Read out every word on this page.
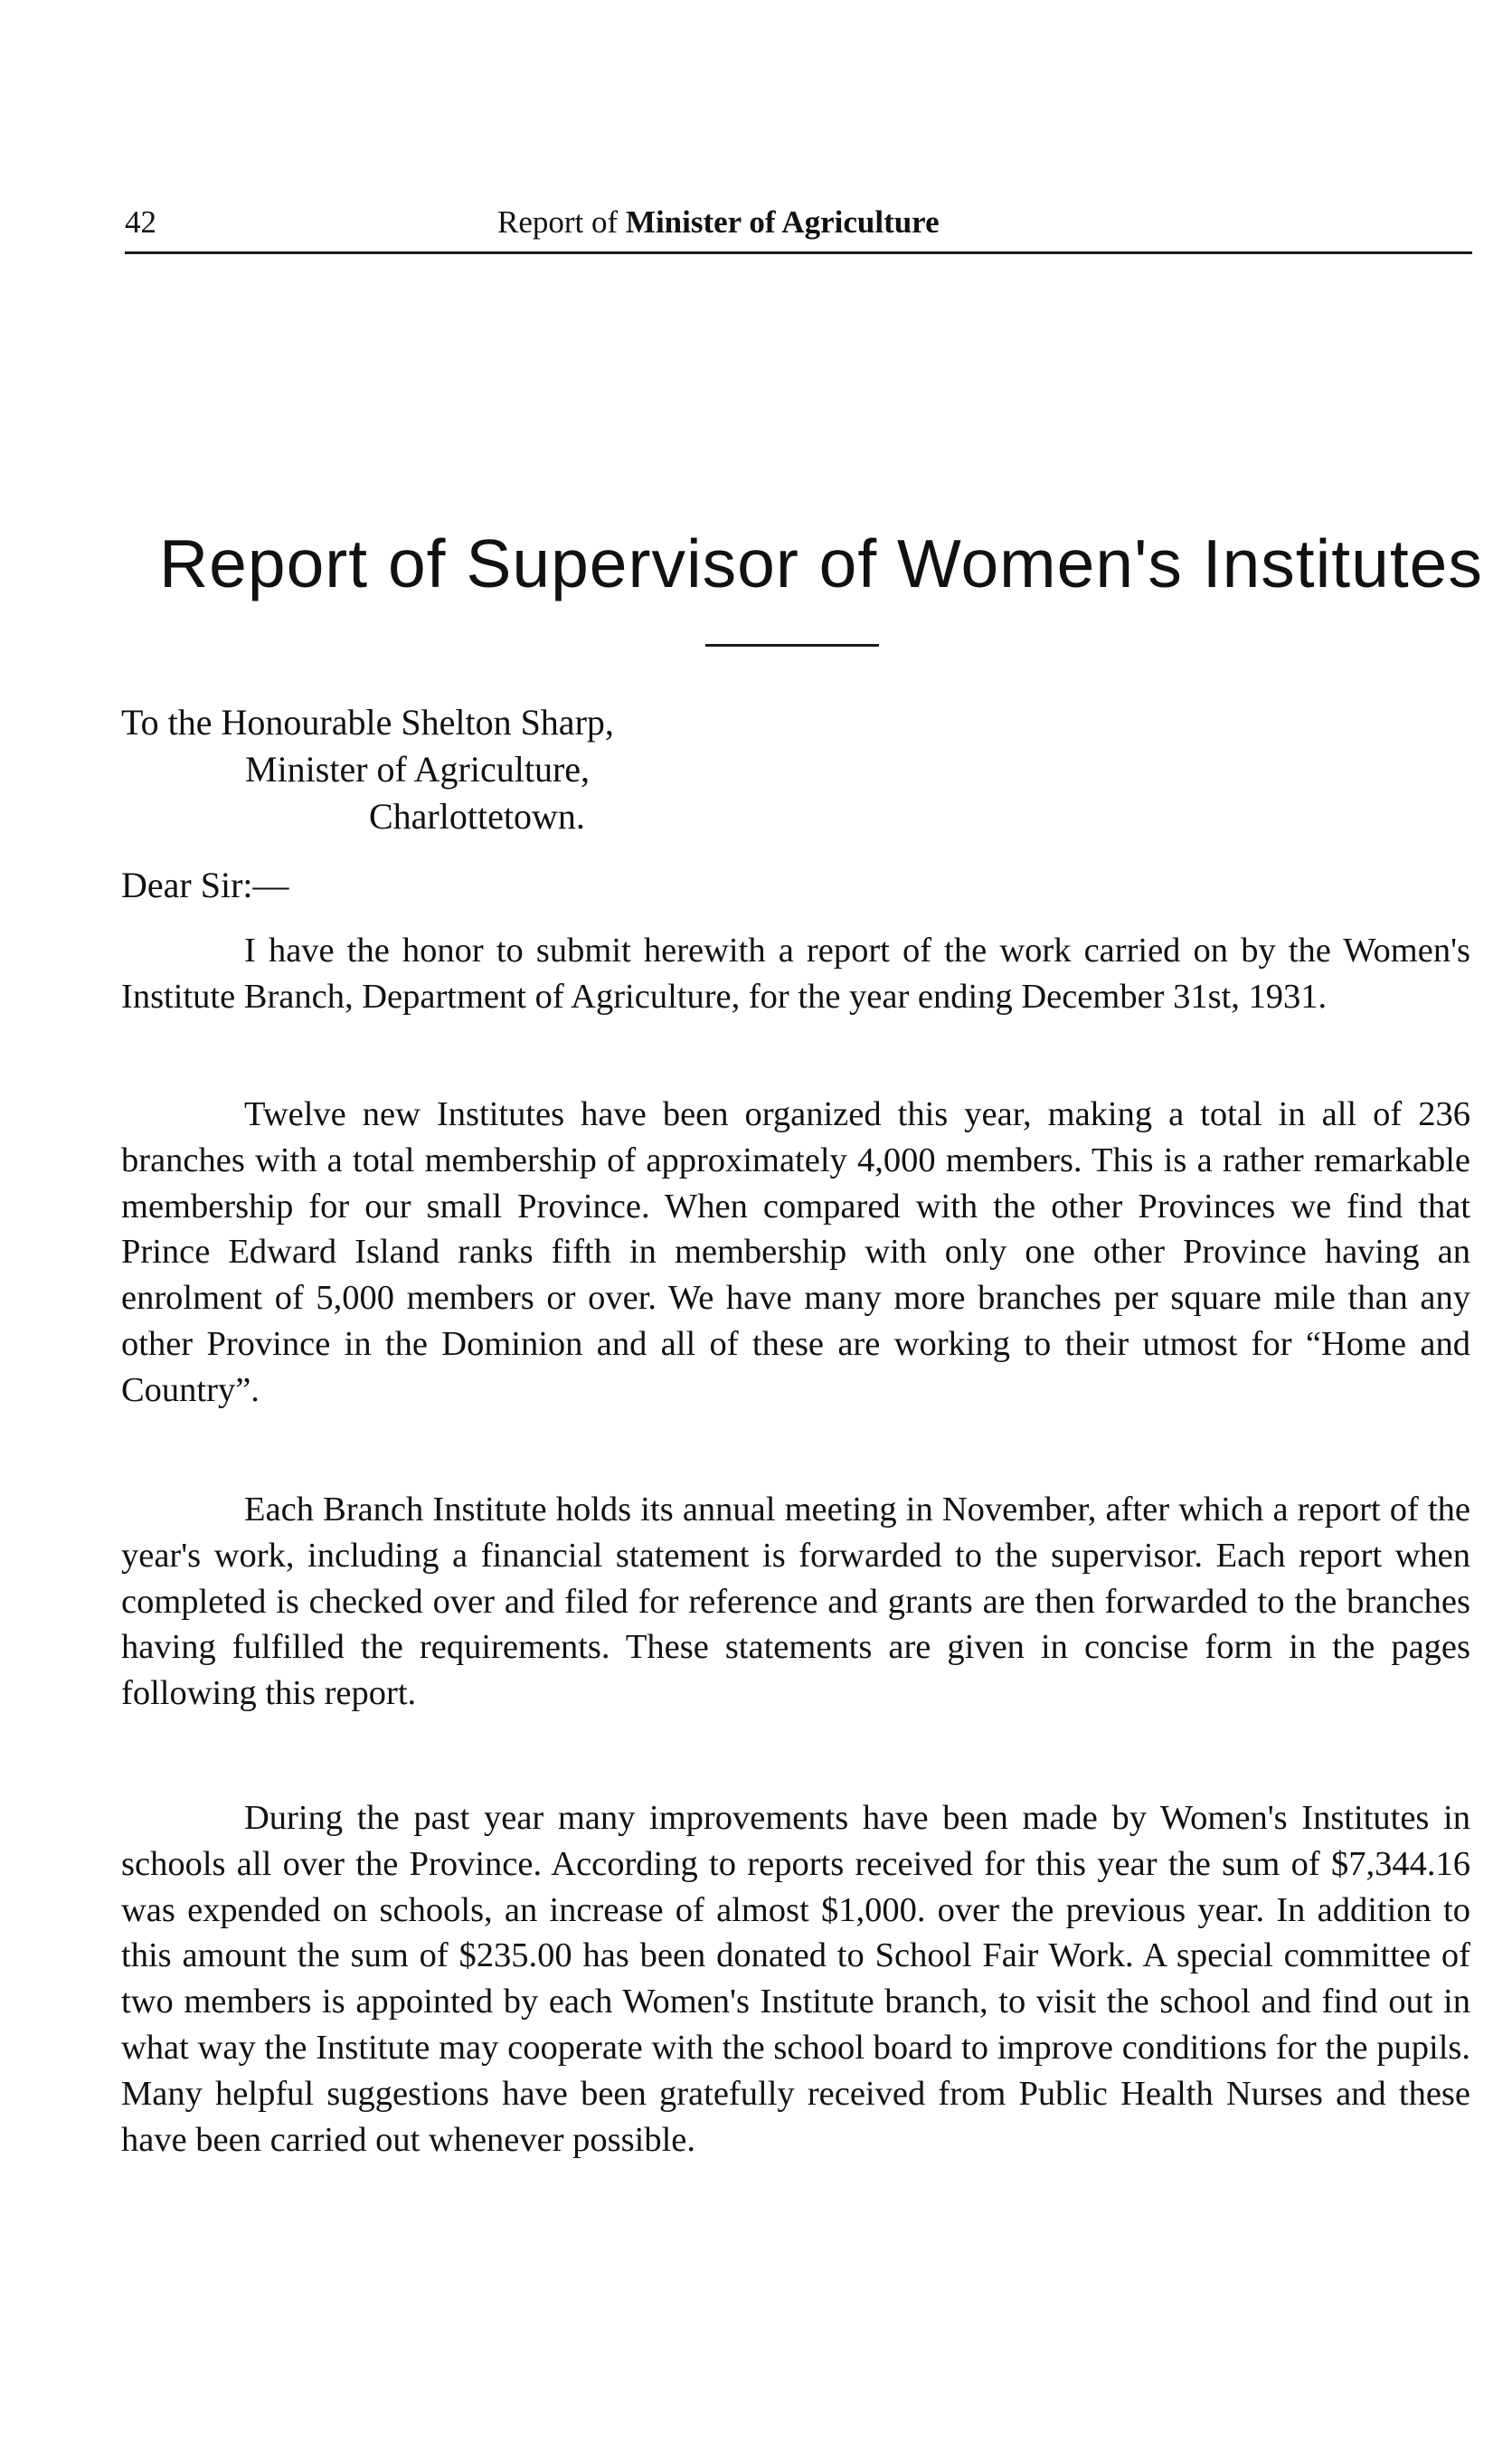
42	Report of Minister of Agriculture
Report of Supervisor of Women's Institutes
To the Honourable Shelton Sharp,
Minister of Agriculture,
Charlottetown.
Dear Sir:—

I have the honor to submit herewith a report of the work carried on by the Women's Institute Branch, Department of Agriculture, for the year ending December 31st, 1931.

Twelve new Institutes have been organized this year, making a total in all of 236 branches with a total membership of approximately 4,000 members. This is a rather remarkable membership for our small Province. When compared with the other Provinces we find that Prince Edward Island ranks fifth in membership with only one other Province having an enrolment of 5,000 members or over. We have many more branches per square mile than any other Province in the Dominion and all of these are working to their utmost for “Home and Country”.

Each Branch Institute holds its annual meeting in November, after which a report of the year's work, including a financial statement is forwarded to the supervisor. Each report when completed is checked over and filed for reference and grants are then forwarded to the branches having fulfilled the requirements. These statements are given in concise form in the pages following this report.

During the past year many improvements have been made by Women's Institutes in schools all over the Province. According to reports received for this year the sum of $7,344.16 was expended on schools, an increase of almost $1,000. over the previous year. In addition to this amount the sum of $235.00 has been donated to School Fair Work. A special committee of two members is appointed by each Women's Institute branch, to visit the school and find out in what way the Institute may cooperate with the school board to improve conditions for the pupils. Many helpful suggestions have been gratefully received from Public Health Nurses and these have been carried out whenever possible.
